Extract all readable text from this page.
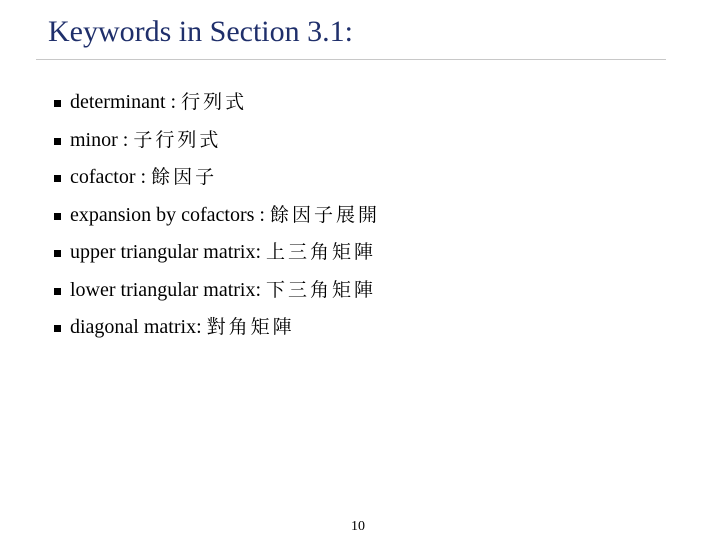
Keywords in Section 3.1:
determinant : 行列式
minor : 子行列式
cofactor : 餘因子
expansion by cofactors : 餘因子展開
upper triangular matrix: 上三角矩陣
lower triangular matrix: 下三角矩陣
diagonal matrix: 對角矩陣
10
